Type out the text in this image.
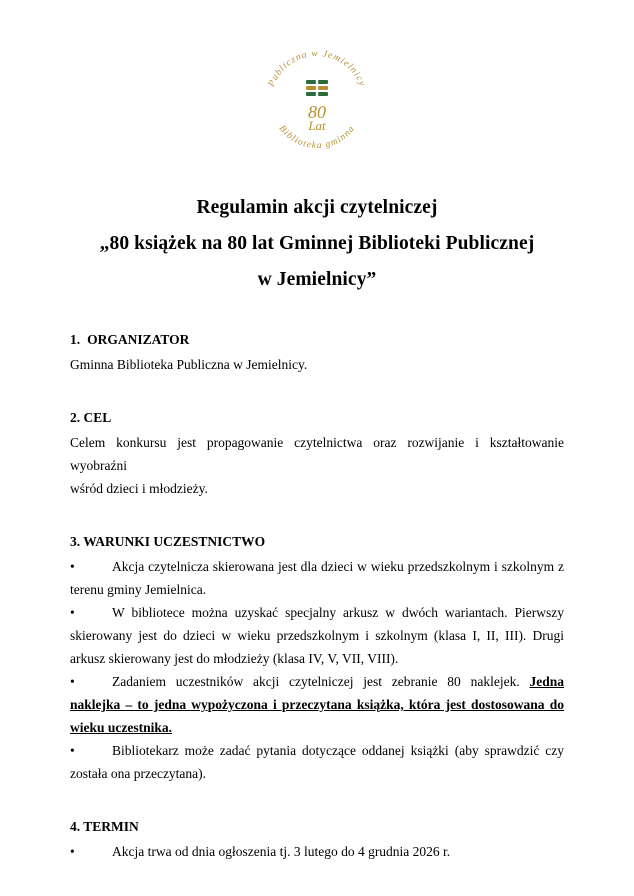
Publiczna w Jemielnicy
Biblioteka gminna
80
Lat
Regulamin akcji czytelniczej
„80 książek na 80 lat Gminnej Biblioteki Publicznej
w Jemielnicy”
1. ORGANIZATOR

Gminna Biblioteka Publiczna w Jemielnicy.

2. CEL

Celem konkursu jest propagowanie czytelnictwa oraz rozwijanie i kształtowanie wyobraźni

wśród dzieci i młodzieży.

3. WARUNKI UCZESTNICTWO

•Akcja czytelnicza skierowana jest dla dzieci w wieku przedszkolnym i szkolnym z terenu gminy Jemielnica.

•W bibliotece można uzyskać specjalny arkusz w dwóch wariantach. Pierwszy skierowany jest do dzieci w wieku przedszkolnym i szkolnym (klasa I, II, III). Drugi arkusz skierowany jest do młodzieży (klasa IV, V, VII, VIII).

•Zadaniem uczestników akcji czytelniczej jest zebranie 80 naklejek. Jedna naklejka – to jedna wypożyczona i przeczytana książka, która jest dostosowana do wieku uczestnika.

•Bibliotekarz może zadać pytania dotyczące oddanej książki (aby sprawdzić czy została ona przeczytana).

4. TERMIN

•Akcja trwa od dnia ogłoszenia tj. 3 lutego do 4 grudnia 2026 r.
